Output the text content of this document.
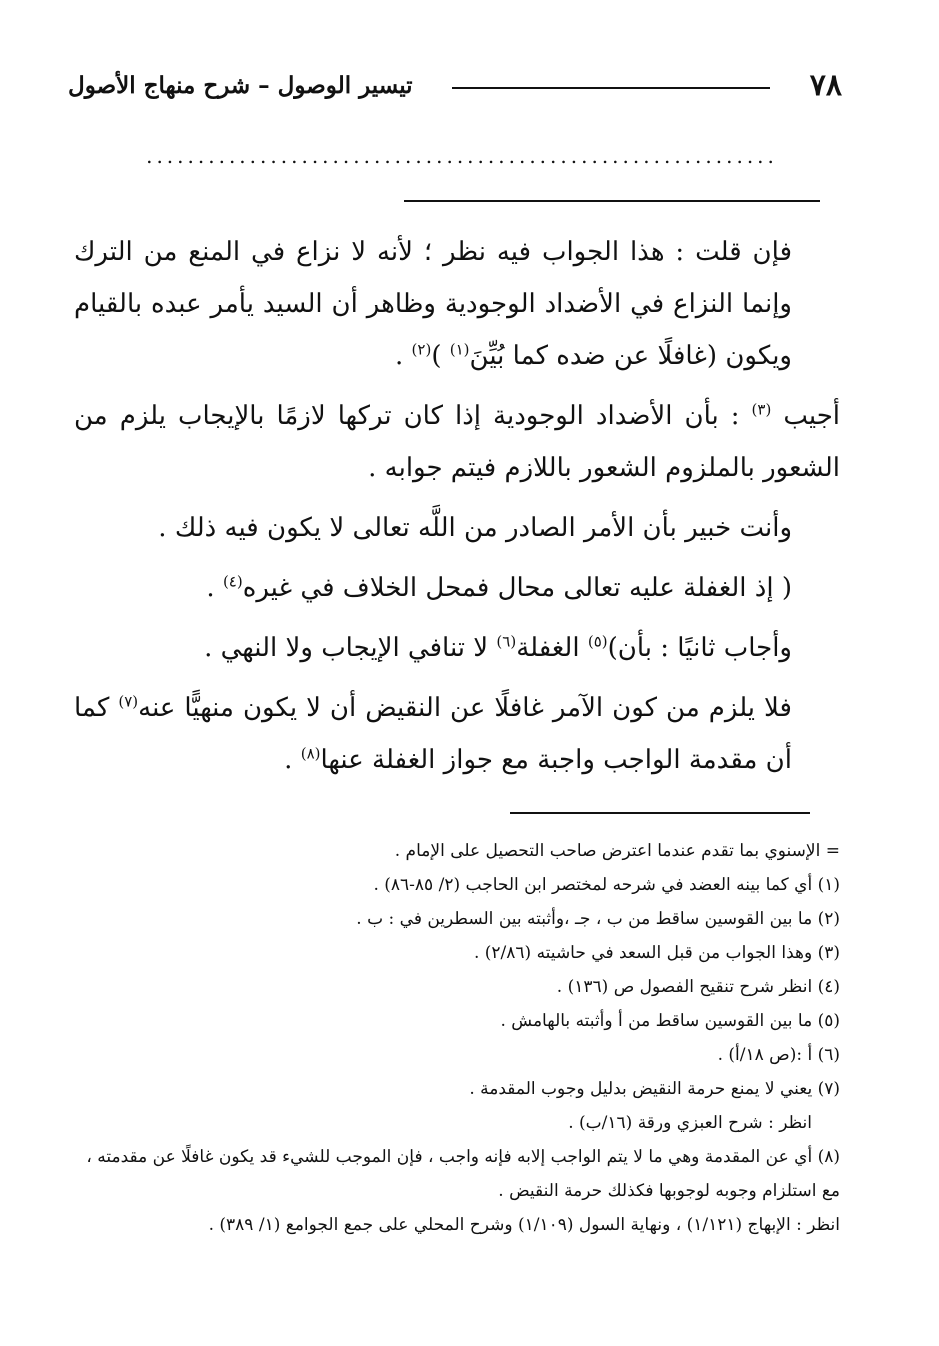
٧٨
تيسير الوصول – شرح منهاج الأصول
.............................................................

فإن قلت : هذا الجواب فيه نظر ؛ لأنه لا نزاع في المنع من الترك وإنما النزاع في الأضداد الوجودية وظاهر أن السيد يأمر عبده بالقيام ويكون (غافلًا عن ضده كما بُيِّنَ$^{(١)}$ )$^{(٢)}$ .

أجيب $^{(٣)}$ : بأن الأضداد الوجودية إذا كان تركها لازمًا بالإيجاب يلزم من الشعور بالملزوم الشعور باللازم فيتم جوابه .

وأنت خبير بأن الأمر الصادر من اللَّه تعالى لا يكون فيه ذلك .

( إذ الغفلة عليه تعالى محال فمحل الخلاف في غيره$^{(٤)}$ .

وأجاب ثانيًا : بأن)$^{(٥)}$ الغفلة$^{(٦)}$ لا تنافي الإيجاب ولا النهي .

فلا يلزم من كون الآمر غافلًا عن النقيض أن لا يكون منهيًّا عنه$^{(٧)}$ كما أن مقدمة الواجب واجبة مع جواز الغفلة عنها$^{(٨)}$ .

= الإسنوي بما تقدم عندما اعترض صاحب التحصيل على الإمام .

(١) أي كما بينه العضد في شرحه لمختصر ابن الحاجب (٢/ ٨٥-٨٦) .

(٢) ما بين القوسين ساقط من ب ، جـ ،وأثبته بين السطرين في : ب .

(٣) وهذا الجواب من قبل السعد في حاشيته (٢/٨٦) .

(٤) انظر شرح تنقيح الفصول ص (١٣٦) .

(٥) ما بين القوسين ساقط من أ وأثبته بالهامش .

(٦) أ :(ص ١٨/أ) .

(٧) يعني لا يمنع حرمة النقيض بدليل وجوب المقدمة .

انظر : شرح العبزي ورقة (١٦/ب) .

(٨) أي عن المقدمة وهي ما لا يتم الواجب إلابه فإنه واجب ، فإن الموجب للشيء قد يكون غافلًا عن مقدمته ، مع استلزام وجوبه لوجوبها فكذلك حرمة النقيض .

انظر : الإبهاج (١/١٢١) ، ونهاية السول (١/١٠٩) وشرح المحلي على جمع الجوامع (١/ ٣٨٩) .
